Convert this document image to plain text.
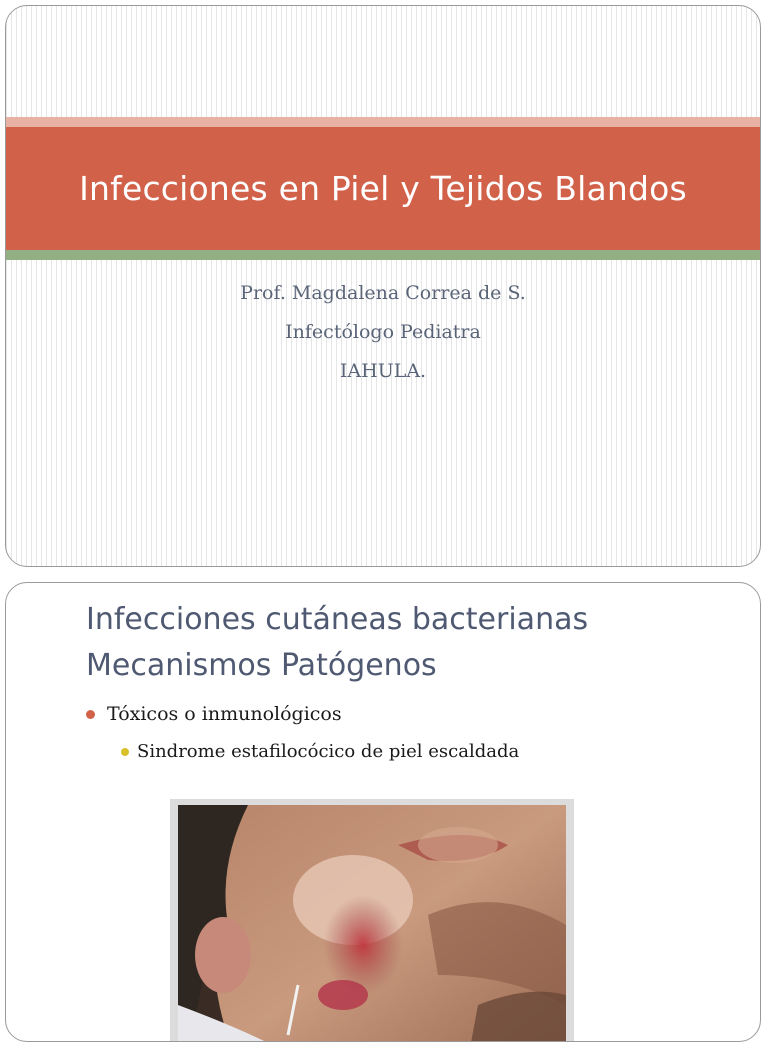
Infecciones en Piel y Tejidos Blandos
Prof. Magdalena Correa de S.
Infectólogo Pediatra
IAHULA.
Infecciones cutáneas bacterianas
Mecanismos Patógenos
Tóxicos o inmunológicos
Sindrome estafilocócico de piel escaldada
